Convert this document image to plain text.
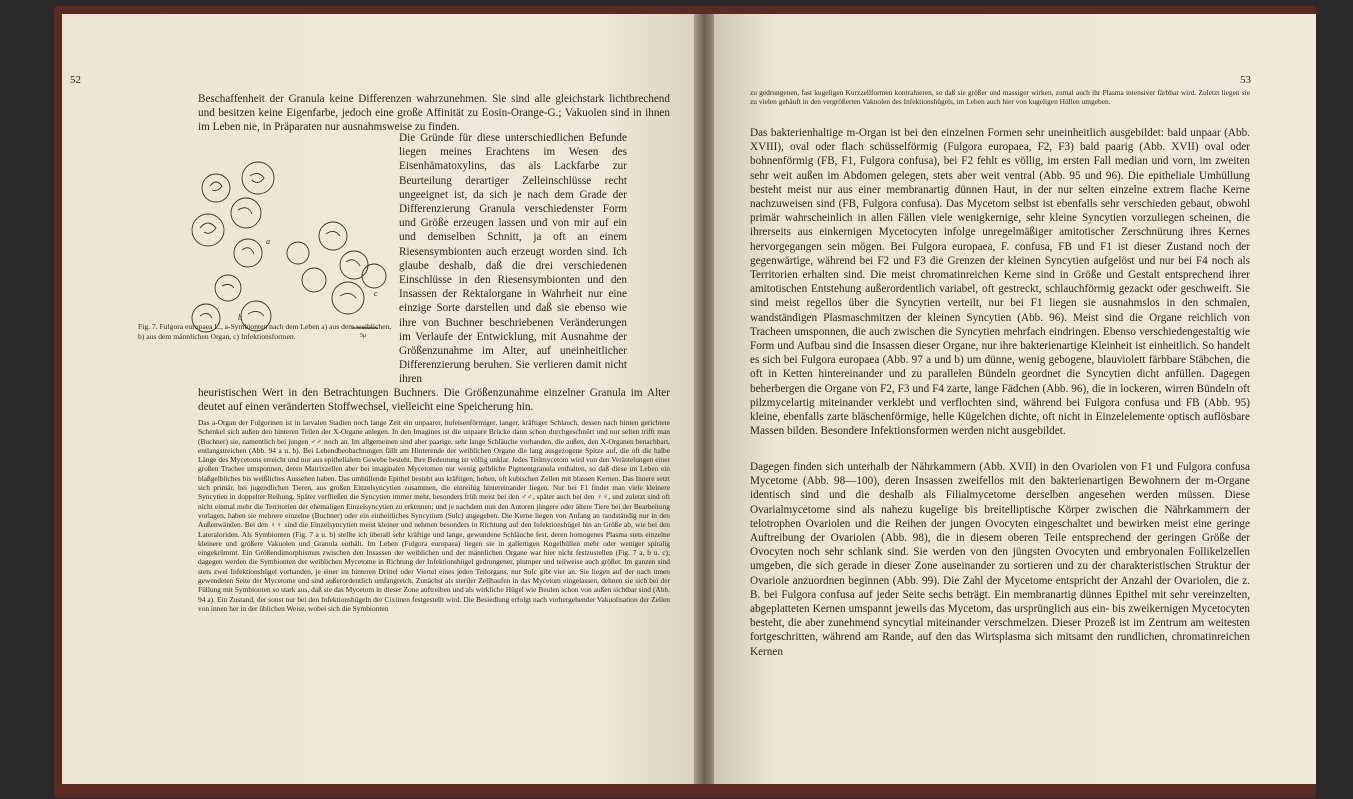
52
Beschaffenheit der Granula keine Differenzen wahrzunehmen. Sie sind alle gleichstark lichtbrechend und besitzen keine Eigenfarbe, jedoch eine große Affinität zu Eosin-Orange-G.; Vakuolen sind in ihnen im Leben nie, in Präparaten nur ausnahmsweise zu finden.
Die Gründe für diese unterschiedlichen Befunde liegen meines Erachtens im Wesen des Eisenhämatoxylins, das als Lackfarbe zur Beurteilung derartiger Zelleinschlüsse recht ungeeignet ist, da sich je nach dem Grade der Differenzierung Granula verschiedenster Form und Größe erzeugen lassen und von mir auf ein und demselben Schnitt, ja oft an einem Riesensymbionten auch erzeugt worden sind. Ich glaube deshalb, daß die drei verschiedenen Einschlüsse in den Riesensymbionten und den Insassen der Rektalorgane in Wahrheit nur eine einzige Sorte darstellen und daß sie ebenso wie ihre von Buchner beschriebenen Veränderungen im Verlaufe der Entwicklung, mit Ausnahme der Größenzunahme im Alter, auf uneinheitlicher Differenzierung beruhen. Sie verlieren damit nicht ihren
a
b
c
5μ
Fig. 7. Fulgora europaea L., a-Symbionten nach dem Leben a) aus dem weiblichen, b) aus dem männlichen Organ, c) Infektionsformen.
heuristischen Wert in den Betrachtungen Buchners. Die Größenzunahme einzelner Granula im Alter deutet auf einen veränderten Stoffwechsel, vielleicht eine Speicherung hin.
Das a-Organ der Fulgorinen ist in larvalen Stadien noch lange Zeit ein unpaarer, hufeisenförmiger, langer, kräftiger Schlauch, dessen nach hinten gerichtete Schenkel sich außen den hinteren Teilen der X-Organe anlegen. In den Imagines ist die unpaare Brücke dann schon durchgeschnürt und nur selten trifft man (Buchner) sie, namentlich bei jungen ♂♂ noch an. Im allgemeinen sind aber paarige, sehr lange Schläuche vorhanden, die außen, den X-Organen benachbart, entlangstreichen (Abb. 94 a u. b). Bei Lebendbeobachtungen fällt am Hinterende der weiblichen Organe die lang ausgezogene Spitze auf, die oft die halbe Länge des Mycetoms erreicht und nur aus epithelialem Gewebe besteht. Ihre Bedeutung ist völlig unklar. Jedes Teilmycetom wird von den Verästelungen einer großen Trachee umsponnen, deren Matrixzellen aber bei imaginalen Mycetomen nur wenig gelbliche Pigmentgranula enthalten, so daß diese im Leben ein blaßgelbliches bis weißliches Aussehen haben. Das umhüllende Epithel besteht aus kräftigen, hohen, oft kubischen Zellen mit blassen Kernen. Das Innere setzt sich primär, bei jugendlichen Tieren, aus großen Einzelsyncytien zusammen, die einreihig hintereinander liegen. Nur bei F1 findet man viele kleinere Syncytien in doppelter Reihung. Später verfließen die Syncytien immer mehr, besonders früh meist bei den ♂♂, später auch bei den ♀♀, und zuletzt sind oft nicht einmal mehr die Territorien der ehemaligen Einzelsyncytien zu erkennen; und je nachdem nun den Autoren jüngere oder ältere Tiere bei der Bearbeitung vorlagen, haben sie mehrere einzelne (Buchner) oder ein einheitliches Syncytium (Sulc) angegeben. Die Kerne liegen von Anfang an randständig nur in den Außenwänden. Bei den ♀♀ sind die Einzelsyncytien meist kleiner und nehmen besonders in Richtung auf den Infektionshügel hin an Größe ab, wie bei den Lateraloriden. Als Symbionten (Fig. 7 a u. b) stellte ich überall sehr kräftige und lange, gewundene Schläuche fest, deren homogenes Plasma stets einzelne kleinere und größere Vakuolen und Granula enthält. Im Leben (Fulgora europaea) liegen sie in gallertigen Kugelhüllen mehr oder weniger spiralig eingekrümmt. Ein Größendimorphismus zwischen den Insassen der weiblichen und der männlichen Organe war hier nicht festzustellen (Fig. 7 a, b u. c); dagegen werden die Symbionten der weiblichen Mycetome in Richtung der Infektionshügel gedrungener, plumper und teilweise auch größer. Im ganzen sind stets zwei Infektionshügel vorhanden, je einer im hinteren Drittel oder Viertel eines jeden Teilorgans, nur Sulc gibt vier an. Sie liegen auf der nach innen gewendeten Seite der Mycetome und sind außerordentlich umfangreich. Zunächst als steriler Zellhaufen in das Mycetom eingelassen, dehnen sie sich bei der Füllung mit Symbionten so stark aus, daß sie das Mycetom in dieser Zone auftreiben und als wirkliche Hügel wie Beulen schon von außen sichtbar sind (Abb. 94 a). Ein Zustand, der sonst nur bei den Infektionshügeln der Cixiinen festgestellt wird. Die Besiedlung erfolgt nach vorhergehender Vakuolisation der Zellen von innen her in der üblichen Weise, wobei sich die Symbionten
53
zu gedrungenen, fast kugeligen Kurzzellformen kontrahieren, so daß sie größer und massiger wirken, zumal auch ihr Plasma intensiver färbbar wird. Zuletzt liegen sie zu vielen gehäuft in den vergrößerten Vakuolen des Infektionshügels, im Leben auch hier von kugeligen Hüllen umgeben.
Das bakterienhaltige m-Organ ist bei den einzelnen Formen sehr uneinheitlich ausgebildet: bald unpaar (Abb. XVIII), oval oder flach schüsselförmig (Fulgora europaea, F2, F3) bald paarig (Abb. XVII) oval oder bohnenförmig (FB, F1, Fulgora confusa), bei F2 fehlt es völlig, im ersten Fall median und vorn, im zweiten sehr weit außen im Abdomen gelegen, stets aber weit ventral (Abb. 95 und 96). Die epitheliale Umhüllung besteht meist nur aus einer membranartig dünnen Haut, in der nur selten einzelne extrem flache Kerne nachzuweisen sind (FB, Fulgora confusa). Das Mycetom selbst ist ebenfalls sehr verschieden gebaut, obwohl primär wahrscheinlich in allen Fällen viele wenigkernige, sehr kleine Syncytien vorzuliegen scheinen, die ihrerseits aus einkernigen Mycetocyten infolge unregelmäßiger amitotischer Zerschnürung ihres Kernes hervorgegangen sein mögen. Bei Fulgora europaea, F. confusa, FB und F1 ist dieser Zustand noch der gegenwärtige, während bei F2 und F3 die Grenzen der kleinen Syncytien aufgelöst und nur bei F4 noch als Territorien erhalten sind. Die meist chromatinreichen Kerne sind in Größe und Gestalt entsprechend ihrer amitotischen Entstehung außerordentlich variabel, oft gestreckt, schlauchförmig gezackt oder geschweift. Sie sind meist regellos über die Syncytien verteilt, nur bei F1 liegen sie ausnahmslos in den schmalen, wandständigen Plasmaschmitzen der kleinen Syncytien (Abb. 96). Meist sind die Organe reichlich von Tracheen umsponnen, die auch zwischen die Syncytien mehrfach eindringen. Ebenso verschiedengestaltig wie Form und Aufbau sind die Insassen dieser Organe, nur ihre bakterienartige Kleinheit ist einheitlich. So handelt es sich bei Fulgora europaea (Abb. 97 a und b) um dünne, wenig gebogene, blauviolett färbbare Stäbchen, die oft in Ketten hintereinander und zu parallelen Bündeln geordnet die Syncytien dicht anfüllen. Dagegen beherbergen die Organe von F2, F3 und F4 zarte, lange Fädchen (Abb. 96), die in lockeren, wirren Bündeln oft pilzmycelartig miteinander verklebt und verflochten sind, während bei Fulgora confusa und FB (Abb. 95) kleine, ebenfalls zarte bläschenförmige, helle Kügelchen dichte, oft nicht in Einzelelemente optisch auflösbare Massen bilden. Besondere Infektionsformen werden nicht ausgebildet.
Dagegen finden sich unterhalb der Nährkammern (Abb. XVII) in den Ovariolen von F1 und Fulgora confusa Mycetome (Abb. 98—100), deren Insassen zweifellos mit den bakterienartigen Bewohnern der m-Organe identisch sind und die deshalb als Filialmycetome derselben angesehen werden müssen. Diese Ovarialmycetome sind als nahezu kugelige bis breitelliptische Körper zwischen die Nährkammern der telotrophen Ovariolen und die Reihen der jungen Ovocyten eingeschaltet und bewirken meist eine geringe Auftreibung der Ovariolen (Abb. 98), die in diesem oberen Teile entsprechend der geringen Größe der Ovocyten noch sehr schlank sind. Sie werden von den jüngsten Ovocyten und embryonalen Follikelzellen umgeben, die sich gerade in dieser Zone auseinander zu sortieren und zu der charakteristischen Struktur der Ovariole anzuordnen beginnen (Abb. 99). Die Zahl der Mycetome entspricht der Anzahl der Ovariolen, die z. B. bei Fulgora confusa auf jeder Seite sechs beträgt. Ein membranartig dünnes Epithel mit sehr vereinzelten, abgeplatteten Kernen umspannt jeweils das Mycetom, das ursprünglich aus ein- bis zweikernigen Mycetocyten besteht, die aber zunehmend syncytial miteinander verschmelzen. Dieser Prozeß ist im Zentrum am weitesten fortgeschritten, während am Rande, auf den das Wirtsplasma sich mitsamt den rundlichen, chromatinreichen Kernen
